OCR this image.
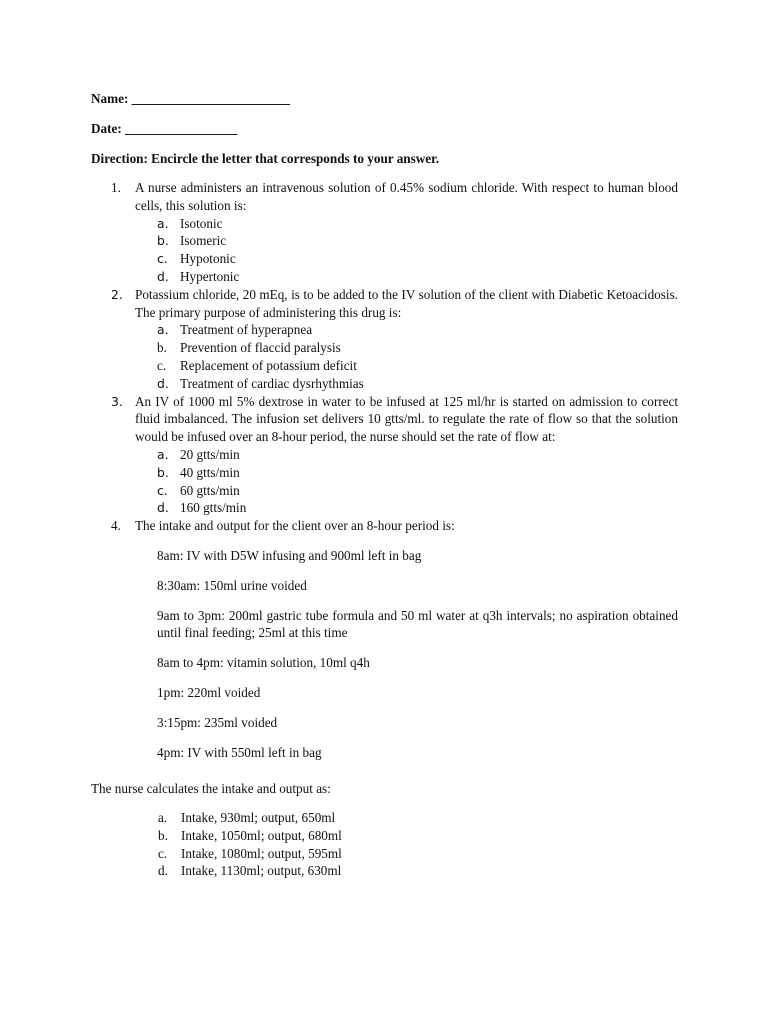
Name: ________________________
Date: _________________
Direction: Encircle the letter that corresponds to your answer.
1. A nurse administers an intravenous solution of 0.45% sodium chloride. With respect to human blood cells, this solution is:
a. Isotonic
b. Isomeric
c. Hypotonic
d. Hypertonic
2. Potassium chloride, 20 mEq, is to be added to the IV solution of the client with Diabetic Ketoacidosis. The primary purpose of administering this drug is:
a. Treatment of hyperapnea
b. Prevention of flaccid paralysis
c. Replacement of potassium deficit
d. Treatment of cardiac dysrhythmias
3. An IV of 1000 ml 5% dextrose in water to be infused at 125 ml/hr is started on admission to correct fluid imbalanced. The infusion set delivers 10 gtts/ml. to regulate the rate of flow so that the solution would be infused over an 8-hour period, the nurse should set the rate of flow at:
a. 20 gtts/min
b. 40 gtts/min
c. 60 gtts/min
d. 160 gtts/min
4. The intake and output for the client over an 8-hour period is:

8am: IV with D5W infusing and 900ml left in bag

8:30am: 150ml urine voided

9am to 3pm: 200ml gastric tube formula and 50 ml water at q3h intervals; no aspiration obtained until final feeding; 25ml at this time

8am to 4pm: vitamin solution, 10ml q4h

1pm: 220ml voided

3:15pm: 235ml voided

4pm: IV with 550ml left in bag

The nurse calculates the intake and output as:
a. Intake, 930ml; output, 650ml
b. Intake, 1050ml; output, 680ml
c. Intake, 1080ml; output, 595ml
d. Intake, 1130ml; output, 630ml
